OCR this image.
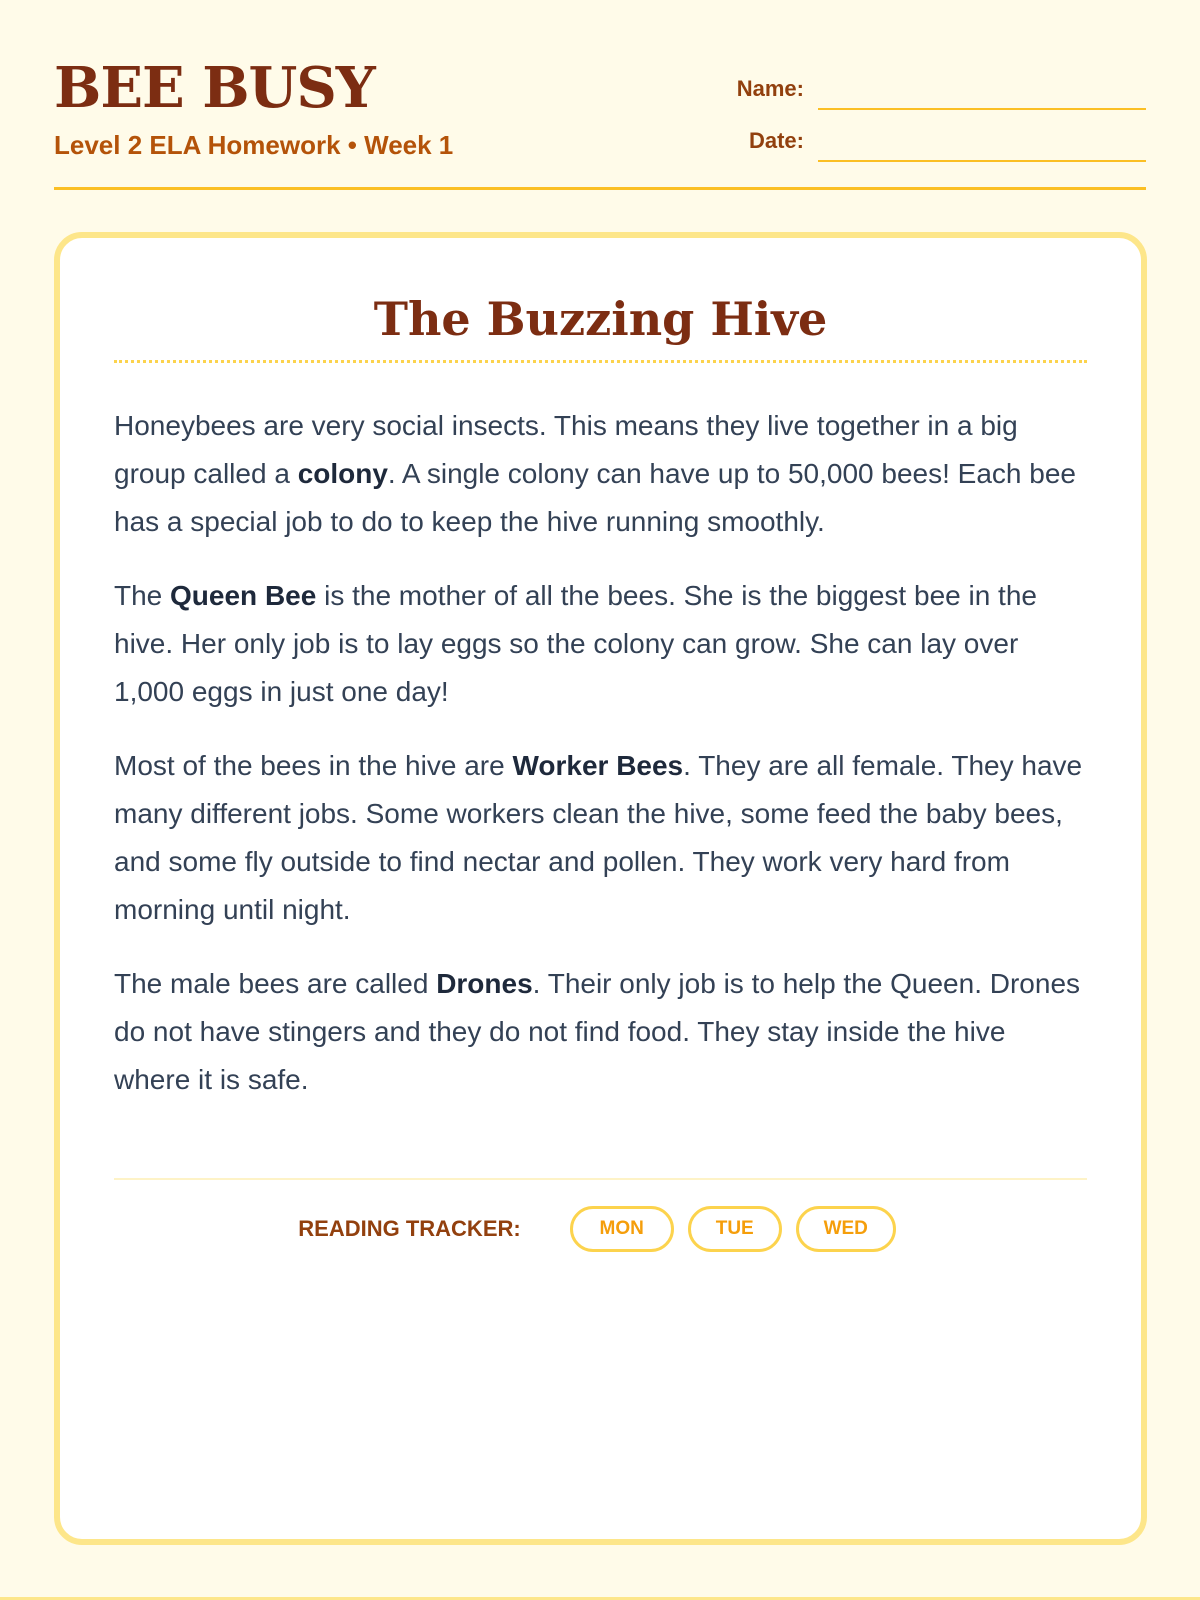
BEE BUSY
Level 2 ELA Homework • Week 1
Name:
Date:
The Buzzing Hive

Honeybees are very social insects. This means they live together in a big group called a colony. A single colony can have up to 50,000 bees! Each bee has a special job to do to keep the hive running smoothly.

The Queen Bee is the mother of all the bees. She is the biggest bee in the hive. Her only job is to lay eggs so the colony can grow. She can lay over 1,000 eggs in just one day!

Most of the bees in the hive are Worker Bees. They are all female. They have many different jobs. Some workers clean the hive, some feed the baby bees, and some fly outside to find nectar and pollen. They work very hard from morning until night.

The male bees are called Drones. Their only job is to help the Queen. Drones do not have stingers and they do not find food. They stay inside the hive where it is safe.

READING TRACKER:	MON	TUE	WED
